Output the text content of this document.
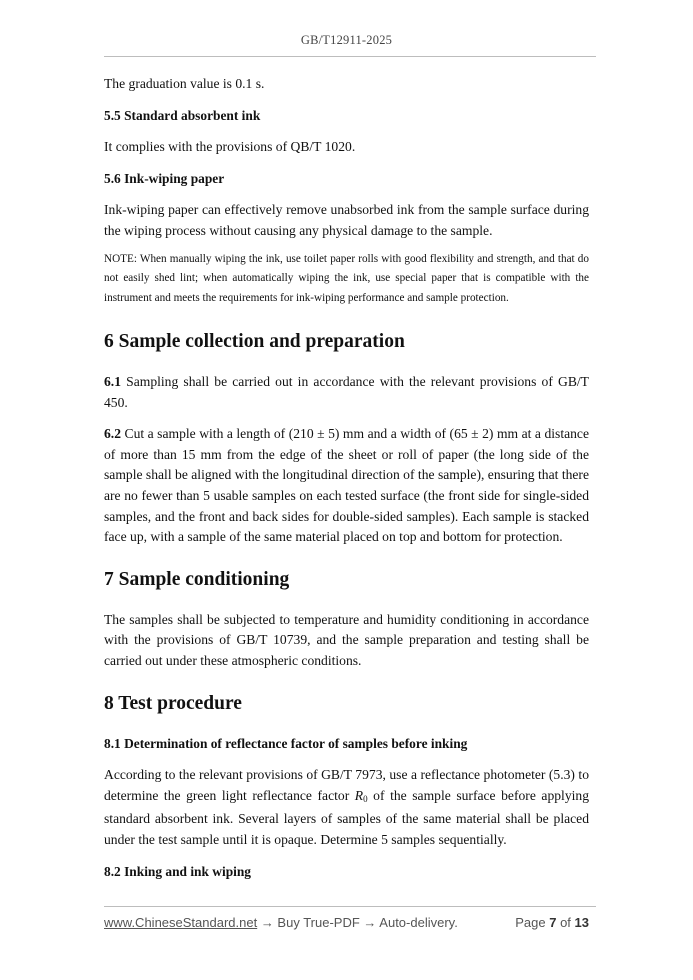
GB/T12911-2025

The graduation value is 0.1 s.

5.5 Standard absorbent ink

It complies with the provisions of QB/T 1020.

5.6 Ink-wiping paper

Ink-wiping paper can effectively remove unabsorbed ink from the sample surface during the wiping process without causing any physical damage to the sample.

NOTE: When manually wiping the ink, use toilet paper rolls with good flexibility and strength, and that do not easily shed lint; when automatically wiping the ink, use special paper that is compatible with the instrument and meets the requirements for ink-wiping performance and sample protection.

6 Sample collection and preparation

6.1 Sampling shall be carried out in accordance with the relevant provisions of GB/T 450.

6.2 Cut a sample with a length of (210 ± 5) mm and a width of (65 ± 2) mm at a distance of more than 15 mm from the edge of the sheet or roll of paper (the long side of the sample shall be aligned with the longitudinal direction of the sample), ensuring that there are no fewer than 5 usable samples on each tested surface (the front side for single-sided samples, and the front and back sides for double-sided samples). Each sample is stacked face up, with a sample of the same material placed on top and bottom for protection.

7 Sample conditioning

The samples shall be subjected to temperature and humidity conditioning in accordance with the provisions of GB/T 10739, and the sample preparation and testing shall be carried out under these atmospheric conditions.

8 Test procedure
8.1 Determination of reflectance factor of samples before inking

According to the relevant provisions of GB/T 7973, use a reflectance photometer (5.3) to determine the green light reflectance factor R0 of the sample surface before applying standard absorbent ink. Several layers of samples of the same material shall be placed under the test sample until it is opaque. Determine 5 samples sequentially.

8.2 Inking and ink wiping
www.ChineseStandard.net → Buy True-PDF → Auto-delivery.	Page 7 of 13
